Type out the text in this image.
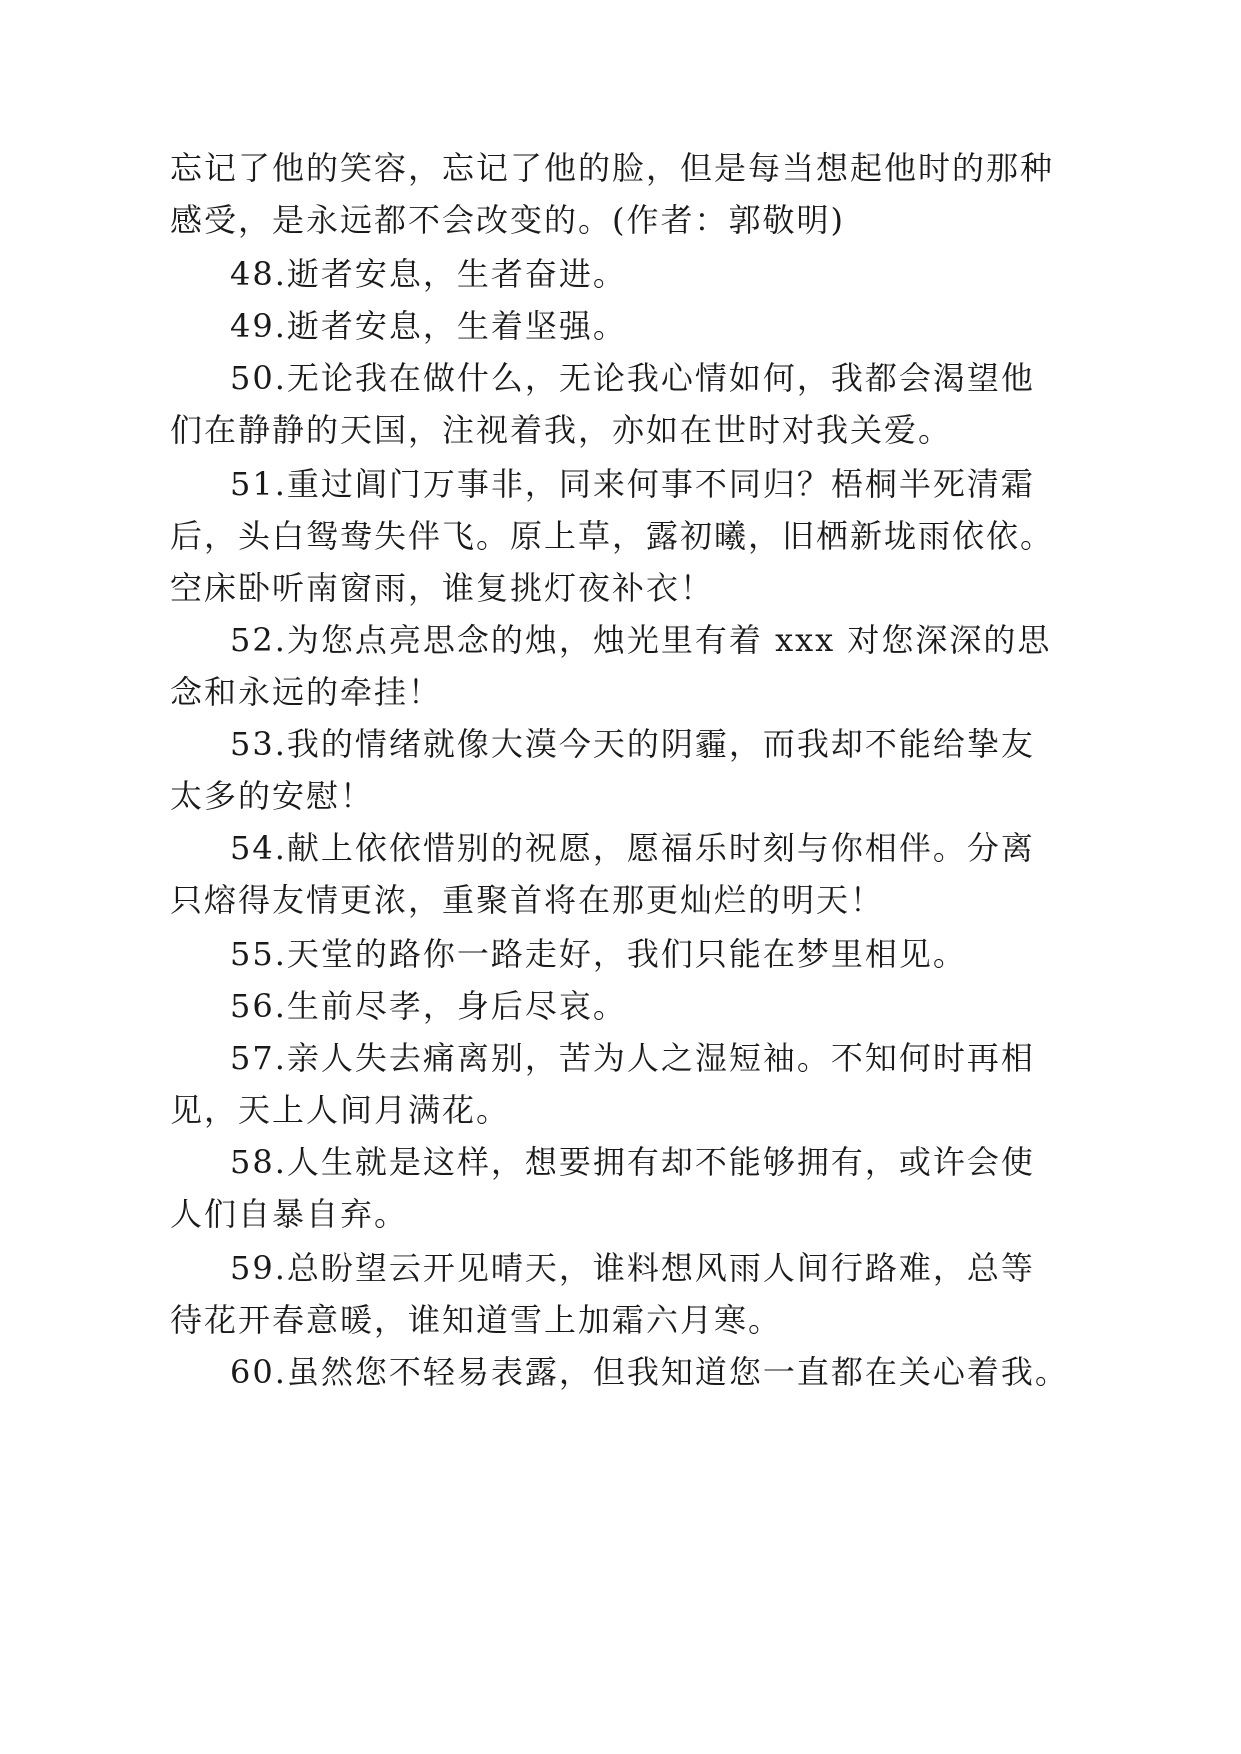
忘记了他的笑容，忘记了他的脸，但是每当想起他时的那种
感受，是永远都不会改变的。(作者：郭敬明)
48.逝者安息，生者奋进。
49.逝者安息，生着坚强。
50.无论我在做什么，无论我心情如何，我都会渴望他
们在静静的天国，注视着我，亦如在世时对我关爱。
51.重过阊门万事非，同来何事不同归？梧桐半死清霜
后，头白鸳鸯失伴飞。原上草，露初曦，旧栖新垅雨依依。
空床卧听南窗雨，谁复挑灯夜补衣！
52.为您点亮思念的烛，烛光里有着 xxx 对您深深的思
念和永远的牵挂！
53.我的情绪就像大漠今天的阴霾，而我却不能给挚友
太多的安慰！
54.献上依依惜别的祝愿，愿福乐时刻与你相伴。分离
只熔得友情更浓，重聚首将在那更灿烂的明天！
55.天堂的路你一路走好，我们只能在梦里相见。
56.生前尽孝，身后尽哀。
57.亲人失去痛离别，苦为人之湿短袖。不知何时再相
见，天上人间月满花。
58.人生就是这样，想要拥有却不能够拥有，或许会使
人们自暴自弃。
59.总盼望云开见晴天，谁料想风雨人间行路难，总等
待花开春意暖，谁知道雪上加霜六月寒。
60.虽然您不轻易表露，但我知道您一直都在关心着我。
